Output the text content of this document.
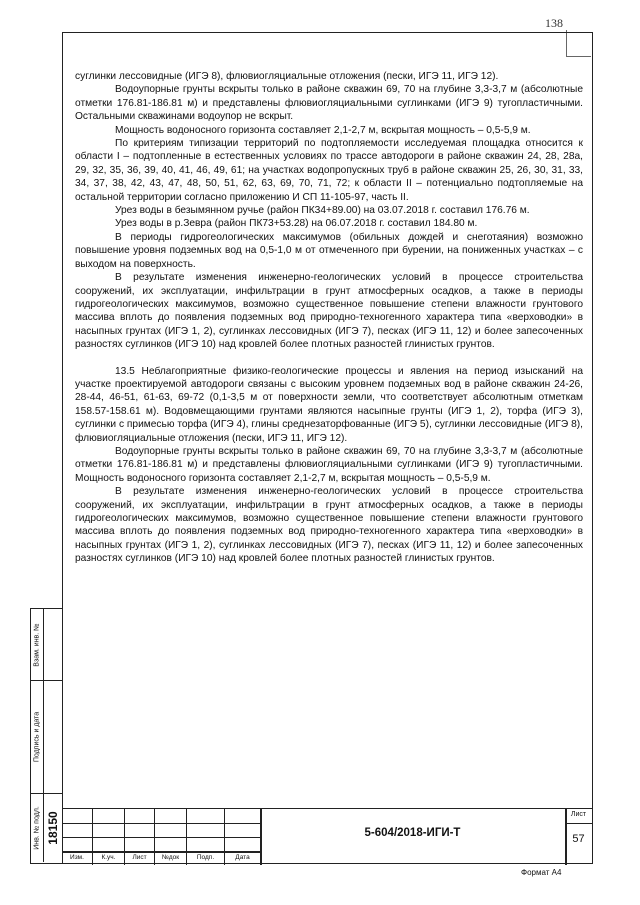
138

суглинки лессовидные (ИГЭ 8), флювиогляциальные отложения (пески, ИГЭ 11, ИГЭ 12).

Водоупорные грунты вскрыты только в районе скважин 69, 70 на глубине 3,3-3,7 м (абсолютные отметки 176.81-186.81 м) и представлены флювиогляциальными суглинками (ИГЭ 9) тугопластичными. Остальными скважинами водоупор не вскрыт.

Мощность водоносного горизонта составляет 2,1-2,7 м, вскрытая мощность – 0,5-5,9 м.

По критериям типизации территорий по подтопляемости исследуемая площадка относится к области I – подтопленные в естественных условиях по трассе автодороги в районе скважин 24, 28, 28а, 29, 32, 35, 36, 39, 40, 41, 46, 49, 61; на участках водопропускных труб в районе скважин 25, 26, 30, 31, 33, 34, 37, 38, 42, 43, 47, 48, 50, 51, 62, 63, 69, 70, 71, 72; к области II – потенциально подтопляемые на остальной территории согласно приложению И СП 11-105-97, часть II.

Урез воды в безымянном ручье (район ПК34+89.00) на 03.07.2018 г. составил 176.76 м.

Урез воды в р.Зевра (район ПК73+53.28) на 06.07.2018 г. составил 184.80 м.

В периоды гидрогеологических максимумов (обильных дождей и снеготаяния) возможно повышение уровня подземных вод на 0,5-1,0 м от отмеченного при бурении, на пониженных участках – с выходом на поверхность.

В результате изменения инженерно-геологических условий в процессе строительства сооружений, их эксплуатации, инфильтрации в грунт атмосферных осадков, а также в периоды гидрогеологических максимумов, возможно существенное повышение степени влажности грунтового массива вплоть до появления подземных вод природно-техногенного характера типа «верховодки» в насыпных грунтах (ИГЭ 1, 2), суглинках лессовидных (ИГЭ 7), песках (ИГЭ 11, 12) и более запесоченных разностях суглинков (ИГЭ 10) над кровлей более плотных разностей глинистых грунтов.

13.5 Неблагоприятные физико-геологические процессы и явления на период изысканий на участке проектируемой автодороги связаны с высоким уровнем подземных вод в районе скважин 24-26, 28-44, 46-51, 61-63, 69-72 (0,1-3,5 м от поверхности земли, что соответствует абсолютным отметкам 158.57-158.61 м). Водовмещающими грунтами являются насыпные грунты (ИГЭ 1, 2), торфа (ИГЭ 3), суглинки с примесью торфа (ИГЭ 4), глины среднезаторфованные (ИГЭ 5), суглинки лессовидные (ИГЭ 8), флювиогляциальные отложения (пески, ИГЭ 11, ИГЭ 12).

Водоупорные грунты вскрыты только в районе скважин 69, 70 на глубине 3,3-3,7 м (абсолютные отметки 176.81-186.81 м) и представлены флювиогляциальными суглинками (ИГЭ 9) тугопластичными. Мощность водоносного горизонта составляет 2,1-2,7 м, вскрытая мощность – 0,5-5,9 м.

В результате изменения инженерно-геологических условий в процессе строительства сооружений, их эксплуатации, инфильтрации в грунт атмосферных осадков, а также в периоды гидрогеологических максимумов, возможно существенное повышение степени влажности грунтового массива вплоть до появления подземных вод природно-техногенного характера типа «верховодки» в насыпных грунтах (ИГЭ 1, 2), суглинках лессовидных (ИГЭ 7), песках (ИГЭ 11, 12) и более запесоченных разностях суглинков (ИГЭ 10) над кровлей более плотных разностей глинистых грунтов.

Взам. инв. №
Подпись и дата
Инв. № подл. 18150
Изм.	К.уч.	Лист	№док	Подп.	Дата
5-604/2018-ИГИ-Т
Лист
57
Формат А4
